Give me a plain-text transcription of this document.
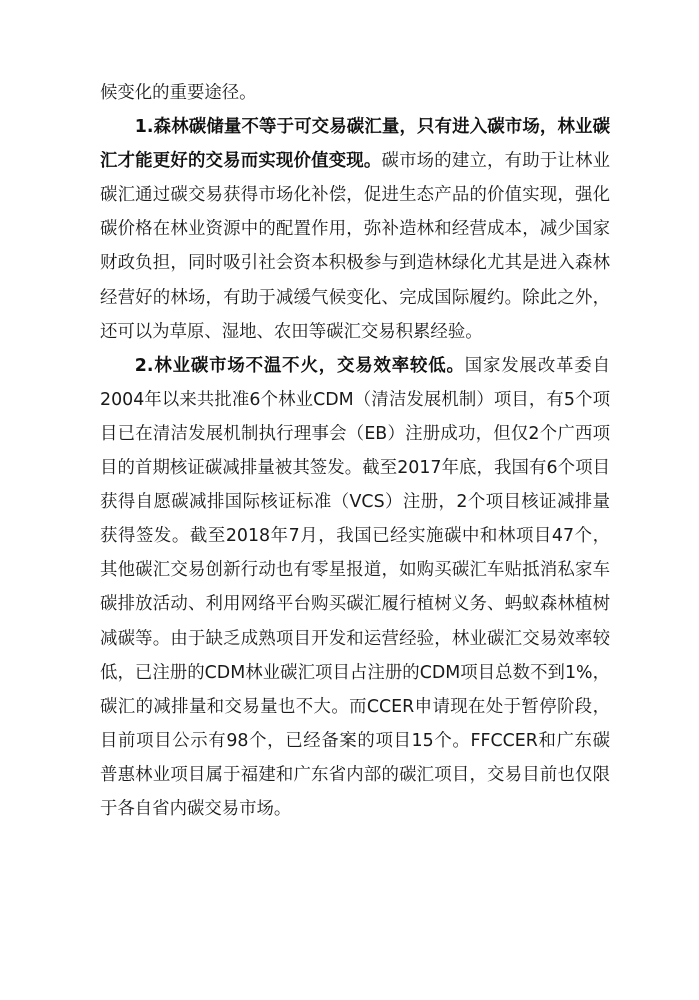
候变化的重要途径。

1.森林碳储量不等于可交易碳汇量，只有进入碳市场，林业碳汇才能更好的交易而实现价值变现。碳市场的建立，有助于让林业碳汇通过碳交易获得市场化补偿，促进生态产品的价值实现，强化碳价格在林业资源中的配置作用，弥补造林和经营成本，减少国家财政负担，同时吸引社会资本积极参与到造林绿化尤其是进入森林经营好的林场，有助于减缓气候变化、完成国际履约。除此之外，还可以为草原、湿地、农田等碳汇交易积累经验。

2.林业碳市场不温不火，交易效率较低。国家发展改革委自2004年以来共批准6个林业CDM（清洁发展机制）项目，有5个项目已在清洁发展机制执行理事会（EB）注册成功，但仅2个广西项目的首期核证碳减排量被其签发。截至2017年底，我国有6个项目获得自愿碳减排国际核证标准（VCS）注册，2个项目核证减排量获得签发。截至2018年7月，我国已经实施碳中和林项目47个，其他碳汇交易创新行动也有零星报道，如购买碳汇车贴抵消私家车碳排放活动、利用网络平台购买碳汇履行植树义务、蚂蚁森林植树减碳等。由于缺乏成熟项目开发和运营经验，林业碳汇交易效率较低，已注册的CDM林业碳汇项目占注册的CDM项目总数不到1%，碳汇的减排量和交易量也不大。而CCER申请现在处于暂停阶段，目前项目公示有98个，已经备案的项目15个。FFCCER和广东碳普惠林业项目属于福建和广东省内部的碳汇项目，交易目前也仅限于各自省内碳交易市场。
